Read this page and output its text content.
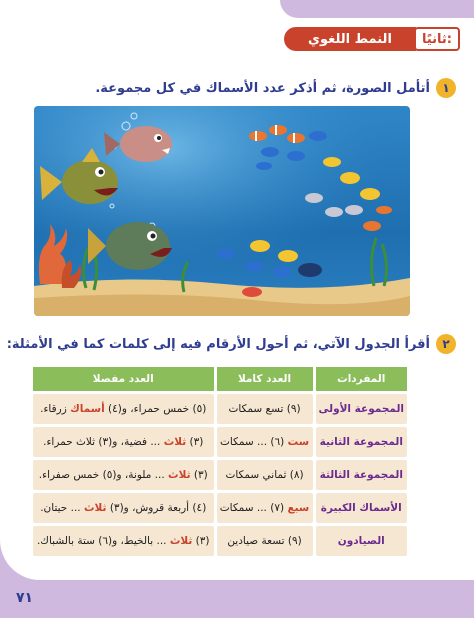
ثانيًا:
النمط اللغوي
١
أتأمل الصورة، ثم أذكر عدد الأسماك في كل مجموعة.
٢
أقرأ الجدول الآتي، ثم أحول الأرقام فيه إلى كلمات كما في الأمثلة:
المفردات	العدد كاملا	العدد مفصلا
المجموعة الأولى	(٩) تسع سمكات	(٥) خمس حمراء، و(٤) أسماك زرقاء.
المجموعة الثانية	ست (٦) ... سمكات	(٣) ثلاث ... فضية، و(٣) ثلاث حمراء.
المجموعة الثالثة	(٨) ثماني سمكات	(٣) ثلاث ... ملونة، و(٥) خمس صفراء.
الأسماك الكبيرة	سبع (٧) ... سمكات	(٤) أربعة قروش، و(٣) ثلاث ... حيتان.
الصيادون	(٩) تسعة صيادين	(٣) ثلاث ... بالخيط، و(٦) ستة بالشباك.
٧١
